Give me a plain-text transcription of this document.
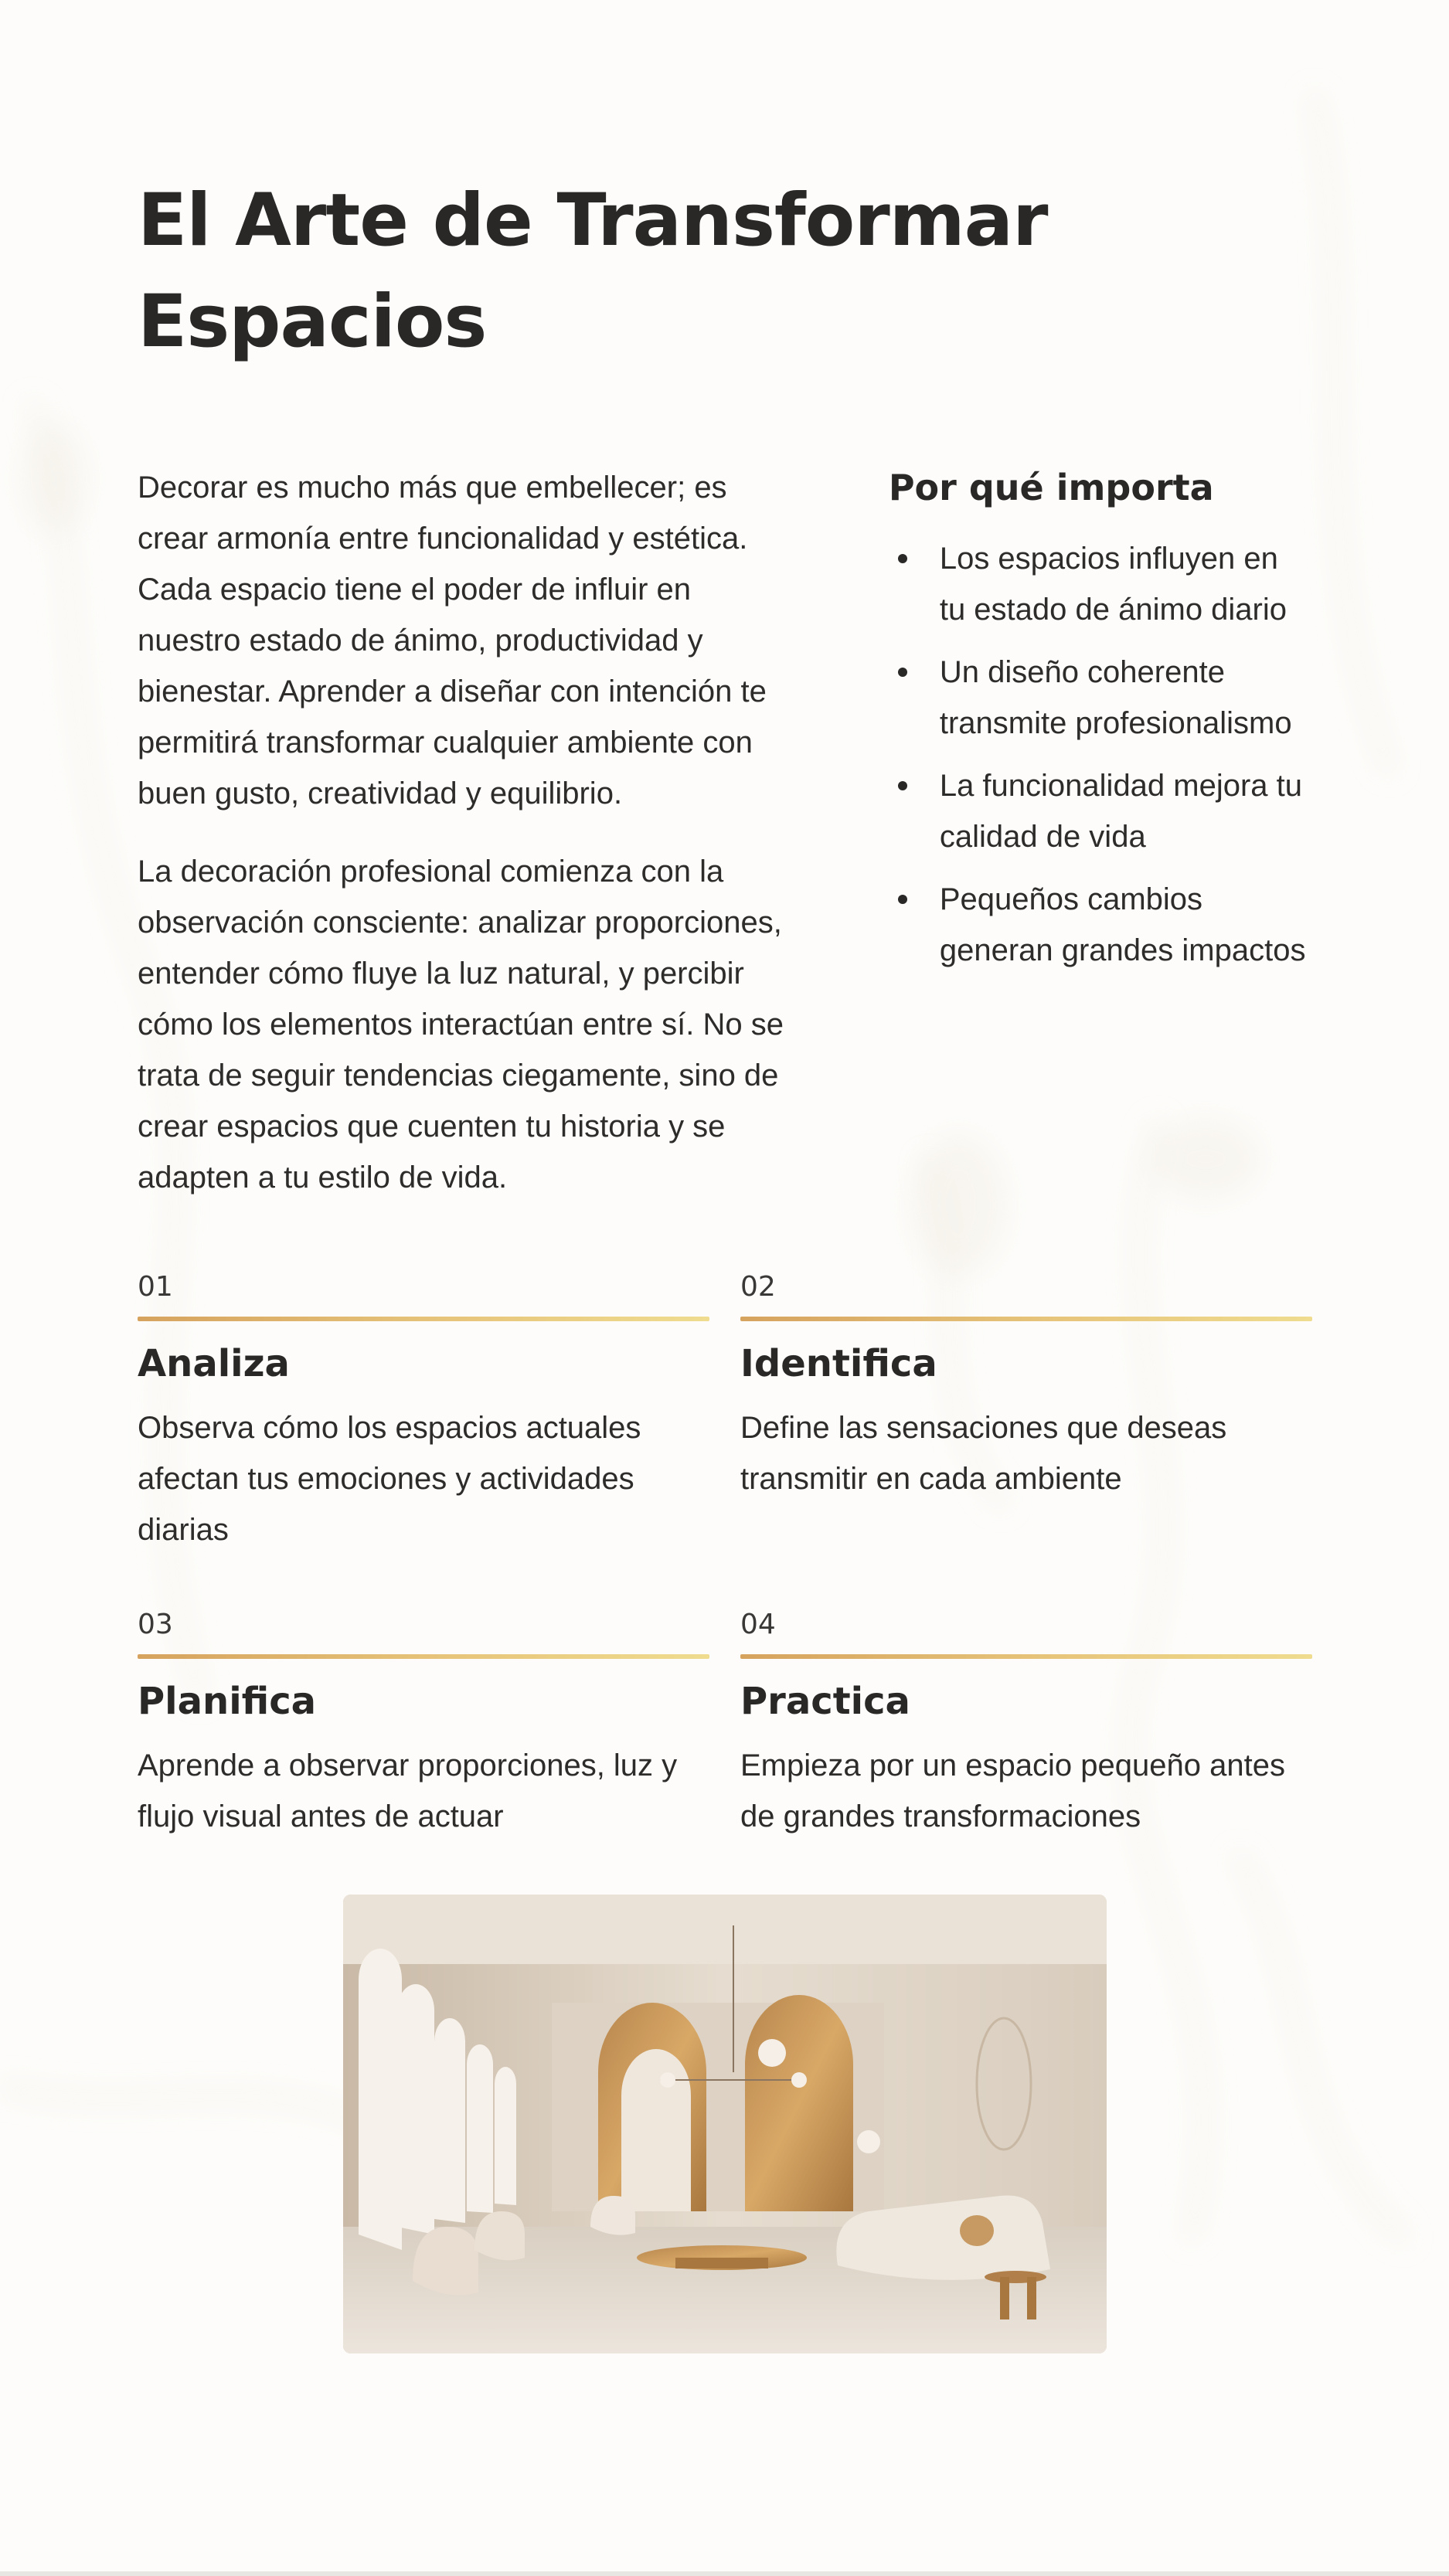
El Arte de Transformar Espacios

Decorar es mucho más que embellecer; es crear armonía entre funcionalidad y estética. Cada espacio tiene el poder de influir en nuestro estado de ánimo, productividad y bienestar. Aprender a diseñar con intención te permitirá transformar cualquier ambiente con buen gusto, creatividad y equilibrio.

La decoración profesional comienza con la observación consciente: analizar proporciones, entender cómo fluye la luz natural, y percibir cómo los elementos interactúan entre sí. No se trata de seguir tendencias ciegamente, sino de crear espacios que cuenten tu historia y se adapten a tu estilo de vida.

Por qué importa
Los espacios influyen en tu estado de ánimo diario
Un diseño coherente transmite profesionalismo
La funcionalidad mejora tu calidad de vida
Pequeños cambios generan grandes impactos
01
Analiza
Observa cómo los espacios actuales afectan tus emociones y actividades diarias
02
Identifica
Define las sensaciones que deseas transmitir en cada ambiente
03
Planifica
Aprende a observar proporciones, luz y flujo visual antes de actuar
04
Practica
Empieza por un espacio pequeño antes de grandes transformaciones
